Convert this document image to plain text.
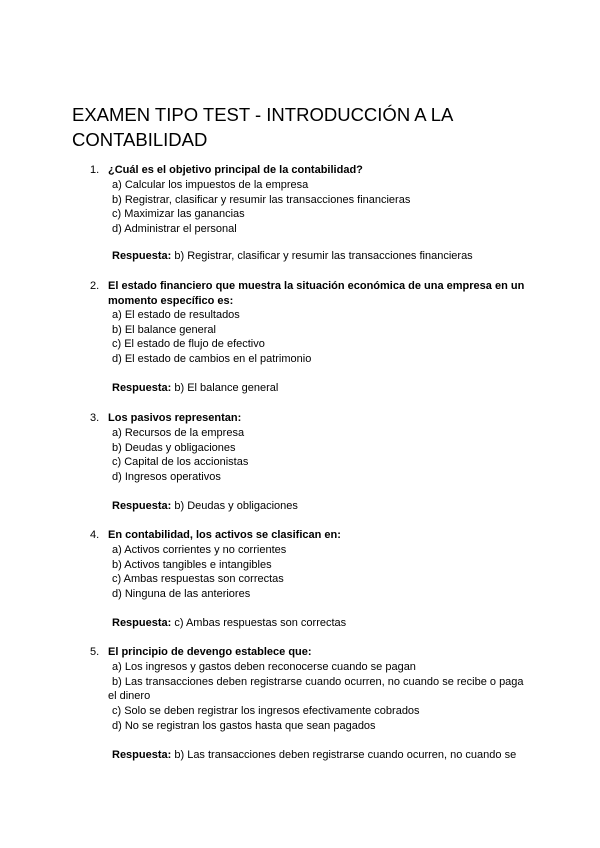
EXAMEN TIPO TEST - INTRODUCCIÓN A LA CONTABILIDAD
1. ¿Cuál es el objetivo principal de la contabilidad?
a) Calcular los impuestos de la empresa
b) Registrar, clasificar y resumir las transacciones financieras
c) Maximizar las ganancias
d) Administrar el personal
Respuesta: b) Registrar, clasificar y resumir las transacciones financieras
2. El estado financiero que muestra la situación económica de una empresa en un momento específico es:
a) El estado de resultados
b) El balance general
c) El estado de flujo de efectivo
d) El estado de cambios en el patrimonio
Respuesta: b) El balance general
3. Los pasivos representan:
a) Recursos de la empresa
b) Deudas y obligaciones
c) Capital de los accionistas
d) Ingresos operativos
Respuesta: b) Deudas y obligaciones
4. En contabilidad, los activos se clasifican en:
a) Activos corrientes y no corrientes
b) Activos tangibles e intangibles
c) Ambas respuestas son correctas
d) Ninguna de las anteriores
Respuesta: c) Ambas respuestas son correctas
5. El principio de devengo establece que:
a) Los ingresos y gastos deben reconocerse cuando se pagan
b) Las transacciones deben registrarse cuando ocurren, no cuando se recibe o paga
el dinero
c) Solo se deben registrar los ingresos efectivamente cobrados
d) No se registran los gastos hasta que sean pagados
Respuesta: b) Las transacciones deben registrarse cuando ocurren, no cuando se
